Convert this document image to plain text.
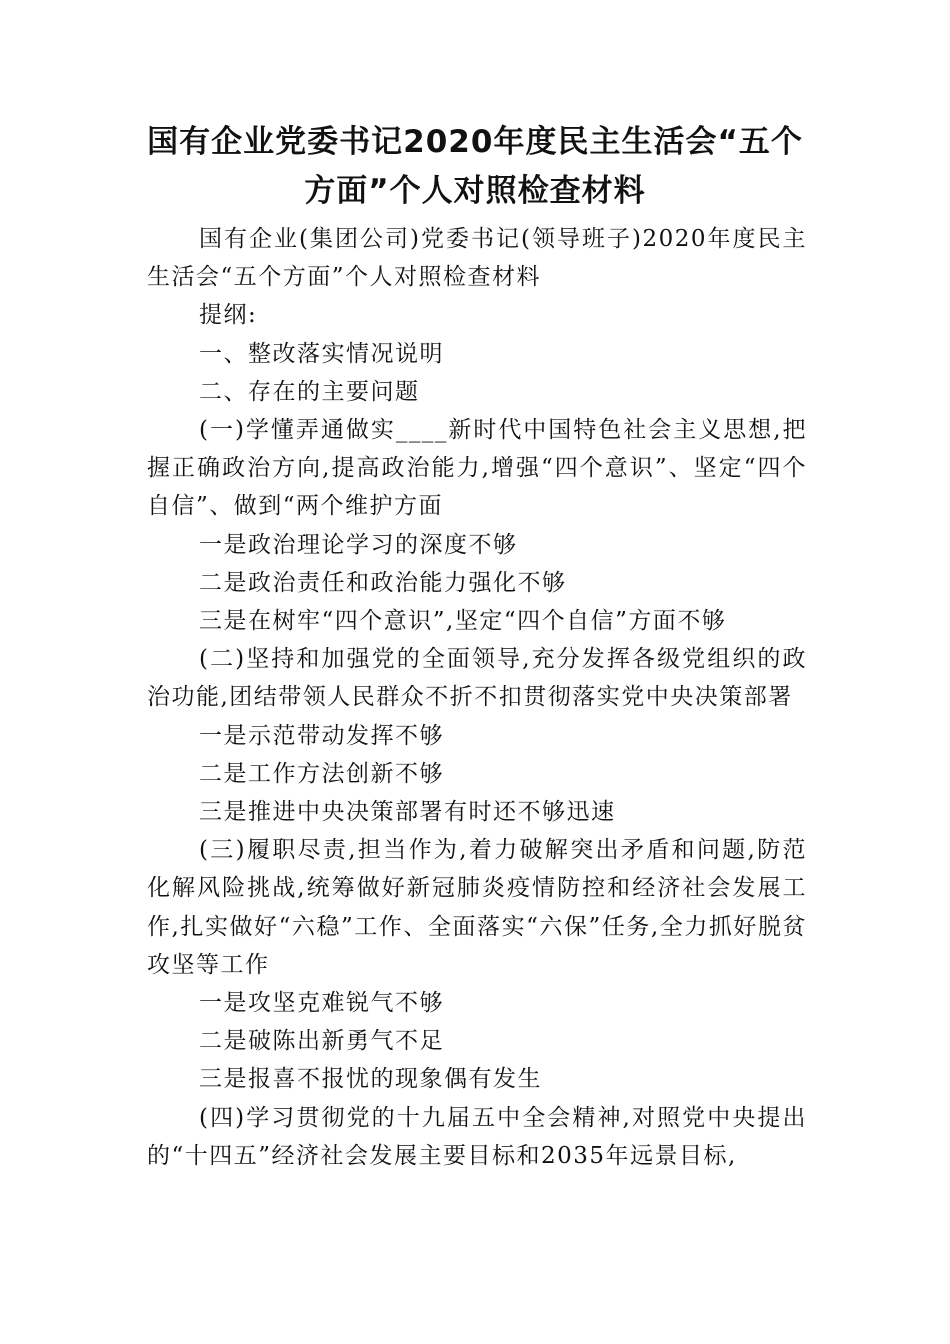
国有企业党委书记2020年度民主生活会“五个方面”个人对照检查材料

国有企业(集团公司)党委书记(领导班子)2020年度民主生活会“五个方面”个人对照检查材料

提纲:

一、整改落实情况说明

二、存在的主要问题

(一)学懂弄通做实____新时代中国特色社会主义思想,把握正确政治方向,提高政治能力,增强“四个意识”、坚定“四个自信”、做到“两个维护方面

一是政治理论学习的深度不够

二是政治责任和政治能力强化不够

三是在树牢“四个意识”,坚定“四个自信”方面不够

(二)坚持和加强党的全面领导,充分发挥各级党组织的政治功能,团结带领人民群众不折不扣贯彻落实党中央决策部署

一是示范带动发挥不够

二是工作方法创新不够

三是推进中央决策部署有时还不够迅速

(三)履职尽责,担当作为,着力破解突出矛盾和问题,防范化解风险挑战,统筹做好新冠肺炎疫情防控和经济社会发展工作,扎实做好“六稳”工作、全面落实“六保”任务,全力抓好脱贫攻坚等工作

一是攻坚克难锐气不够

二是破陈出新勇气不足

三是报喜不报忧的现象偶有发生

(四)学习贯彻党的十九届五中全会精神,对照党中央提出的“十四五”经济社会发展主要目标和2035年远景目标,
